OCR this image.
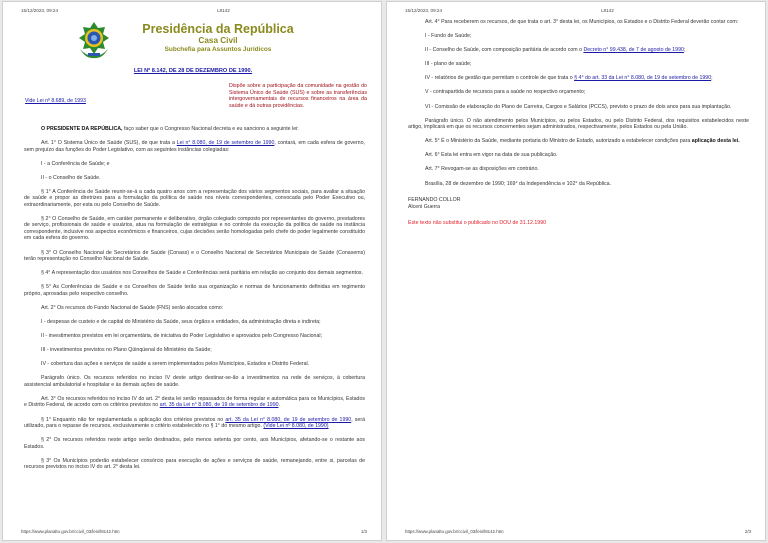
15/12/2023, 09:24	L8142
Presidência da República
Casa Civil
Subchefia para Assuntos Jurídicos
LEI Nº 8.142, DE 28 DE DEZEMBRO DE 1990.
Dispõe sobre a participação da comunidade na gestão do Sistema Único de Saúde (SUS) e sobre as transferências intergovernamentais de recursos financeiros na área da saúde e dá outras providências.
Vide Lei nº 8.689, de 1993

O PRESIDENTE DA REPÚBLICA, faço saber que o Congresso Nacional decreta e eu sanciono a seguinte lei:

Art. 1° O Sistema Único de Saúde (SUS), de que trata a Lei n° 8.080, de 19 de setembro de 1990, contará, em cada esfera de governo, sem prejuízo das funções do Poder Legislativo, com as seguintes instâncias colegiadas:

I - a Conferência de Saúde; e

II - o Conselho de Saúde.

§ 1° A Conferência de Saúde reunir-se-á a cada quatro anos com a representação dos vários segmentos sociais, para avaliar a situação de saúde e propor as diretrizes para a formulação da política de saúde nos níveis correspondentes, convocada pelo Poder Executivo ou, extraordinariamente, por esta ou pelo Conselho de Saúde.

§ 2° O Conselho de Saúde, em caráter permanente e deliberativo, órgão colegiado composto por representantes do governo, prestadores de serviço, profissionais de saúde e usuários, atua na formulação de estratégias e no controle da execução da política de saúde na instância correspondente, inclusive nos aspectos econômicos e financeiros, cujas decisões serão homologadas pelo chefe do poder legalmente constituído em cada esfera do governo.

§ 3° O Conselho Nacional de Secretários de Saúde (Conass) e o Conselho Nacional de Secretários Municipais de Saúde (Conasems) terão representação no Conselho Nacional de Saúde.

§ 4° A representação dos usuários nos Conselhos de Saúde e Conferências será paritária em relação ao conjunto dos demais segmentos.

§ 5° As Conferências de Saúde e os Conselhos de Saúde terão sua organização e normas de funcionamento definidas em regimento próprio, aprovadas pelo respectivo conselho.

Art. 2° Os recursos do Fundo Nacional de Saúde (FNS) serão alocados como:

I - despesas de custeio e de capital do Ministério da Saúde, seus órgãos e entidades, da administração direta e indireta;

II - investimentos previstos em lei orçamentária, de iniciativa do Poder Legislativo e aprovados pelo Congresso Nacional;

III - investimentos previstos no Plano Qüinqüenal do Ministério da Saúde;

IV - cobertura das ações e serviços de saúde a serem implementados pelos Municípios, Estados e Distrito Federal.

Parágrafo único. Os recursos referidos no inciso IV deste artigo destinar-se-ão a investimentos na rede de serviços, à cobertura assistencial ambulatorial e hospitalar e às demais ações de saúde.

Art. 3° Os recursos referidos no inciso IV do art. 2° desta lei serão repassados de forma regular e automática para os Municípios, Estados e Distrito Federal, de acordo com os critérios previstos no art. 35 da Lei n° 8.080, de 19 de setembro de 1990.

§ 1° Enquanto não for regulamentada a aplicação dos critérios previstos no art. 35 da Lei n° 8.080, de 19 de setembro de 1990, será utilizado, para o repasse de recursos, exclusivamente o critério estabelecido no § 1° do mesmo artigo. (Vide Lei nº 8.080, de 1990)

§ 2° Os recursos referidos neste artigo serão destinados, pelo menos setenta por cento, aos Municípios, afetando-se o restante aos Estados.

§ 3° Os Municípios poderão estabelecer consórcio para execução de ações e serviços de saúde, remanejando, entre si, parcelas de recursos previstos no inciso IV do art. 2° desta lei.

https://www.planalto.gov.br/ccivil_03/leis/l8142.htm	1/3
15/12/2023, 09:24	L8142

Art. 4° Para receberem os recursos, de que trata o art. 3° desta lei, os Municípios, os Estados e o Distrito Federal deverão contar com:

I - Fundo de Saúde;

II - Conselho de Saúde, com composição paritária de acordo com o Decreto n° 99.438, de 7 de agosto de 1990;

III - plano de saúde;

IV - relatórios de gestão que permitam o controle de que trata o § 4° do art. 33 da Lei n° 8.080, de 19 de setembro de 1990;

V - contrapartida de recursos para a saúde no respectivo orçamento;

VI - Comissão de elaboração do Plano de Carreira, Cargos e Salários (PCCS), previsto o prazo de dois anos para sua implantação.

Parágrafo único. O não atendimento pelos Municípios, ou pelos Estados, ou pelo Distrito Federal, dos requisitos estabelecidos neste artigo, implicará em que os recursos concernentes sejam administrados, respectivamente, pelos Estados ou pela União.

Art. 5° É o Ministério da Saúde, mediante portaria do Ministro de Estado, autorizado a estabelecer condições para aplicação desta lei.

Art. 6° Esta lei entra em vigor na data de sua publicação.

Art. 7° Revogam-se as disposições em contrário.

Brasília, 28 de dezembro de 1990; 169° da Independência e 102° da República.

FERNANDO COLLOR
Alceni Guerra
Este texto não substitui o publicado no DOU de 31.12.1990
https://www.planalto.gov.br/ccivil_03/leis/l8142.htm	2/3
